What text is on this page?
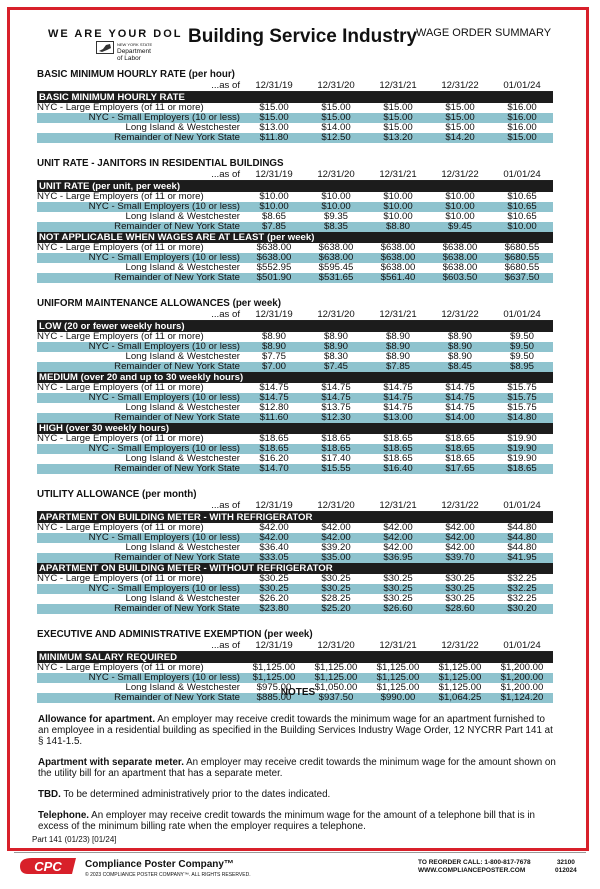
WE ARE YOUR DOL
NEW YORK STATE
Department
of Labor
Building Service Industry
WAGE ORDER SUMMARY
BASIC MINIMUM HOURLY RATE (per hour)
...as of	12/31/19	12/31/20	12/31/21	12/31/22	01/01/24
BASIC MINIMUM HOURLY RATE
NYC - Large Employers (of 11 or more)	$15.00	$15.00	$15.00	$15.00	$16.00
NYC - Small Employers (10 or less)	$15.00	$15.00	$15.00	$15.00	$16.00
Long Island & Westchester	$13.00	$14.00	$15.00	$15.00	$16.00
Remainder of New York State	$11.80	$12.50	$13.20	$14.20	$15.00
UNIT RATE - JANITORS IN RESIDENTIAL BUILDINGS
...as of	12/31/19	12/31/20	12/31/21	12/31/22	01/01/24
UNIT RATE (per unit, per week)
NYC - Large Employers (of 11 or more)	$10.00	$10.00	$10.00	$10.00	$10.65
NYC - Small Employers (10 or less)	$10.00	$10.00	$10.00	$10.00	$10.65
Long Island & Westchester	$8.65	$9.35	$10.00	$10.00	$10.65
Remainder of New York State	$7.85	$8.35	$8.80	$9.45	$10.00
NOT APPLICABLE WHEN WAGES ARE AT LEAST (per week)
NYC - Large Employers (of 11 or more)	$638.00	$638.00	$638.00	$638.00	$680.55
NYC - Small Employers (10 or less)	$638.00	$638.00	$638.00	$638.00	$680.55
Long Island & Westchester	$552.95	$595.45	$638.00	$638.00	$680.55
Remainder of New York State	$501.90	$531.65	$561.40	$603.50	$637.50
UNIFORM MAINTENANCE ALLOWANCES (per week)
...as of	12/31/19	12/31/20	12/31/21	12/31/22	01/01/24
LOW (20 or fewer weekly hours)
NYC - Large Employers (of 11 or more)	$8.90	$8.90	$8.90	$8.90	$9.50
NYC - Small Employers (10 or less)	$8.90	$8.90	$8.90	$8.90	$9.50
Long Island & Westchester	$7.75	$8.30	$8.90	$8.90	$9.50
Remainder of New York State	$7.00	$7.45	$7.85	$8.45	$8.95
MEDIUM (over 20 and up to 30 weekly hours)
NYC - Large Employers (of 11 or more)	$14.75	$14.75	$14.75	$14.75	$15.75
NYC - Small Employers (10 or less)	$14.75	$14.75	$14.75	$14.75	$15.75
Long Island & Westchester	$12.80	$13.75	$14.75	$14.75	$15.75
Remainder of New York State	$11.60	$12.30	$13.00	$14.00	$14.80
HIGH (over 30 weekly hours)
NYC - Large Employers (of 11 or more)	$18.65	$18.65	$18.65	$18.65	$19.90
NYC - Small Employers (10 or less)	$18.65	$18.65	$18.65	$18.65	$19.90
Long Island & Westchester	$16.20	$17.40	$18.65	$18.65	$19.90
Remainder of New York State	$14.70	$15.55	$16.40	$17.65	$18.65
UTILITY ALLOWANCE (per month)
...as of	12/31/19	12/31/20	12/31/21	12/31/22	01/01/24
APARTMENT ON BUILDING METER - WITH REFRIGERATOR
NYC - Large Employers (of 11 or more)	$42.00	$42.00	$42.00	$42.00	$44.80
NYC - Small Employers (10 or less)	$42.00	$42.00	$42.00	$42.00	$44.80
Long Island & Westchester	$36.40	$39.20	$42.00	$42.00	$44.80
Remainder of New York State	$33.05	$35.00	$36.95	$39.70	$41.95
APARTMENT ON BUILDING METER - WITHOUT REFRIGERATOR
NYC - Large Employers (of 11 or more)	$30.25	$30.25	$30.25	$30.25	$32.25
NYC - Small Employers (10 or less)	$30.25	$30.25	$30.25	$30.25	$32.25
Long Island & Westchester	$26.20	$28.25	$30.25	$30.25	$32.25
Remainder of New York State	$23.80	$25.20	$26.60	$28.60	$30.20
EXECUTIVE AND ADMINISTRATIVE EXEMPTION (per week)
...as of	12/31/19	12/31/20	12/31/21	12/31/22	01/01/24
MINIMUM SALARY REQUIRED
NYC - Large Employers (of 11 or more)	$1,125.00	$1,125.00	$1,125.00	$1,125.00	$1,200.00
NYC - Small Employers (10 or less)	$1,125.00	$1,125.00	$1,125.00	$1,125.00	$1,200.00
Long Island & Westchester	$975.00	$1,050.00	$1,125.00	$1,125.00	$1,200.00
Remainder of New York State	$885.00	$937.50	$990.00	$1,064.25	$1,124.20
NOTES

Allowance for apartment. An employer may receive credit towards the minimum wage for an apartment furnished to an employee in a residential building as specified in the Building Services Industry Wage Order, 12 NYCRR Part 141 at § 141-1.5.

Apartment with separate meter. An employer may receive credit towards the minimum wage for the amount shown on the utility bill for an apartment that has a separate meter.

TBD. To be determined administratively prior to the dates indicated.

Telephone. An employer may receive credit towards the minimum wage for the amount of a telephone bill that is in excess of the minimum billing rate when the employer requires a telephone.

Part 141 (01/23) [01/24]
CPC Compliance Poster Company™
© 2023 COMPLIANCE POSTER COMPANY™. ALL RIGHTS RESERVED.
TO REORDER CALL: 1-800-817-7678
WWW.COMPLIANCEPOSTER.COM
32100
012024
